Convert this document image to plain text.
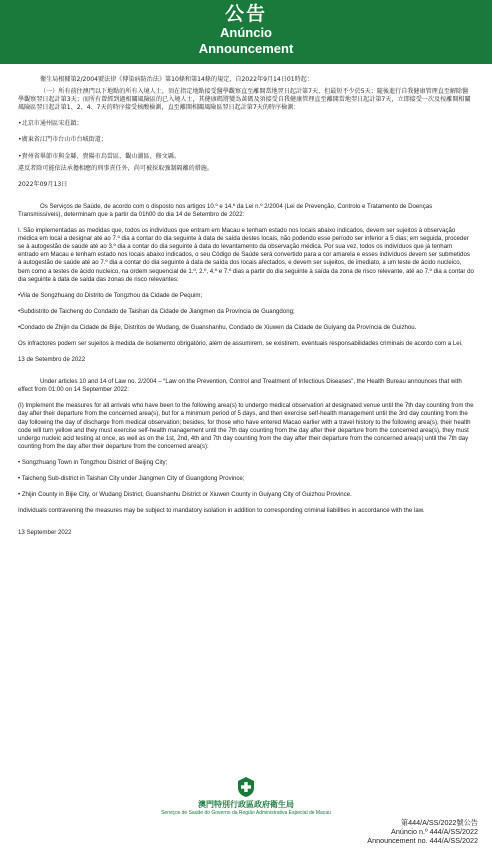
公告
Anúncio
Announcement

衛生局根據第2/2004號法律《傳染病防治法》第10條和第14條的規定，自2022年9月14日01時起：

（一）所有前往澳門以下地點的所有入境人士，須在指定地點接受醫學觀察直至離開當地翌日起計第7天，但最短不少於5天；隨後進行自我健康管理直至解除醫學觀察翌日起計第3天；而所有曾經到過相關風險區的已入境人士，其健康碼將變為黃碼及須接受自我健康管理直至離開當地翌日起計第7天，立即接受一次及按離開相關風險區翌日起計第1、2、4、7天的時序接受核酸檢測，直至離開相關風險區翌日起計第7天的時序檢測：

•北京市通州區宋莊鎮；

•廣東省江門市台山市台城街道；

•貴州省畢節市與金縣、貴陽市烏當區、觀山湖區、修文縣。

違反者除可能依法承擔相應的刑事責任外，尚可被採取強制隔離的措施。

2022年09月13日

Os Serviços de Saúde, de acordo com o disposto nos artigos 10.º e 14.º da Lei n.º 2/2004 (Lei de Prevenção, Controlo e Tratamento de Doenças Transmissíveis), determinam que a partir da 01h00 do dia 14 de Setembro de 2022:

I. São implementadas as medidas que, todos os indivíduos que entram em Macau e tenham estado nos locais abaixo indicados, devem ser sujeitos à observação médica em local a designar até ao 7.º dia a contar do dia seguinte à data de saída destes locais, não podendo esse período ser inferior a 5 dias; em seguida, proceder se à autogestão de saúde até ao 3.º dia a contar do dia seguinte à data do levantamento da observação médica. Por sua vez, todos os indivíduos que já tenham entrado em Macau e tenham estado nos locais abaixo indicados, o seu Código de Saúde será convertido para a cor amarela e esses indivíduos devem ser submetidos à autogestão de saúde até ao 7.º dia a contar do dia seguinte à data de saída dos locais afectados, e devem ser sujeitos, de imediato, a um teste de ácido nucleico, bem como a testes de ácido nucleico, na ordem sequencial de 1.º, 2.º, 4.º e 7.º dias a partir do dia seguinte à saída da zona de risco relevante, até ao 7.º dia a contar do dia seguinte à data de saída das zonas de risco relevantes:

•Vila de Songzhuang do Distrito de Tongzhou da Cidade de Pequim;

•Subdistrito de Taicheng do Condado de Taishan da Cidade de Jiangmen da Província de Guangdong;

•Condado de Zhijin da Cidade de Bijie, Distritos de Wudang, de Guanshanhu, Condado de Xiuwen da Cidade de Guiyang da Província de Guizhou.

Os infractores podem ser sujeitos à medida de isolamento obrigatório, além de assumirem, se existirem, eventuais responsabilidades criminais de acordo com a Lei.

13 de Setembro de 2022

Under articles 10 and 14 of Law no. 2/2004 – “Law on the Prevention, Control and Treatment of Infectious Diseases”, the Health Bureau announces that with effect from 01:00 on 14 September 2022:

(I) Implement the measures for all arrivals who have been to the following area(s) to undergo medical observation at designated venue until the 7th day counting from the day after their departure from the concerned area(s), but for a minimum period of 5 days, and then exercise self-health management until the 3rd day counting from the day following the day of discharge from medical observation; besides, for those who have entered Macao earlier with a travel history to the following area(s), their health code will turn yellow and they must exercise self-health management until the 7th day counting from the day after their departure from the concerned area(s), they must undergo nucleic acid testing at once, as well as on the 1st, 2nd, 4th and 7th day counting from the day after their departure from the concerned area(s) until the 7th day counting from the day after their departure from the concerned area(s):

• Songzhuang Town in Tongzhou District of Beijing City;

• Taicheng Sub-district in Taishan City under Jiangmen City of Guangdong Province;

• Zhijin County in Bijie City, or Wudang District, Guanshanhu District or Xiuwen County in Guiyang City of Guizhou Province.

Individuals contravening the measures may be subject to mandatory isolation in addition to corresponding criminal liabilities in accordance with the law.

13 September 2022

澳門特別行政區政府衛生局
Serviços de Saúde do Governo da Região Administrativa Especial de Macau
第444/A/SS/2022號公告
Anúncio n.º 444/A/SS/2022
Announcement no. 444/A/SS/2022
